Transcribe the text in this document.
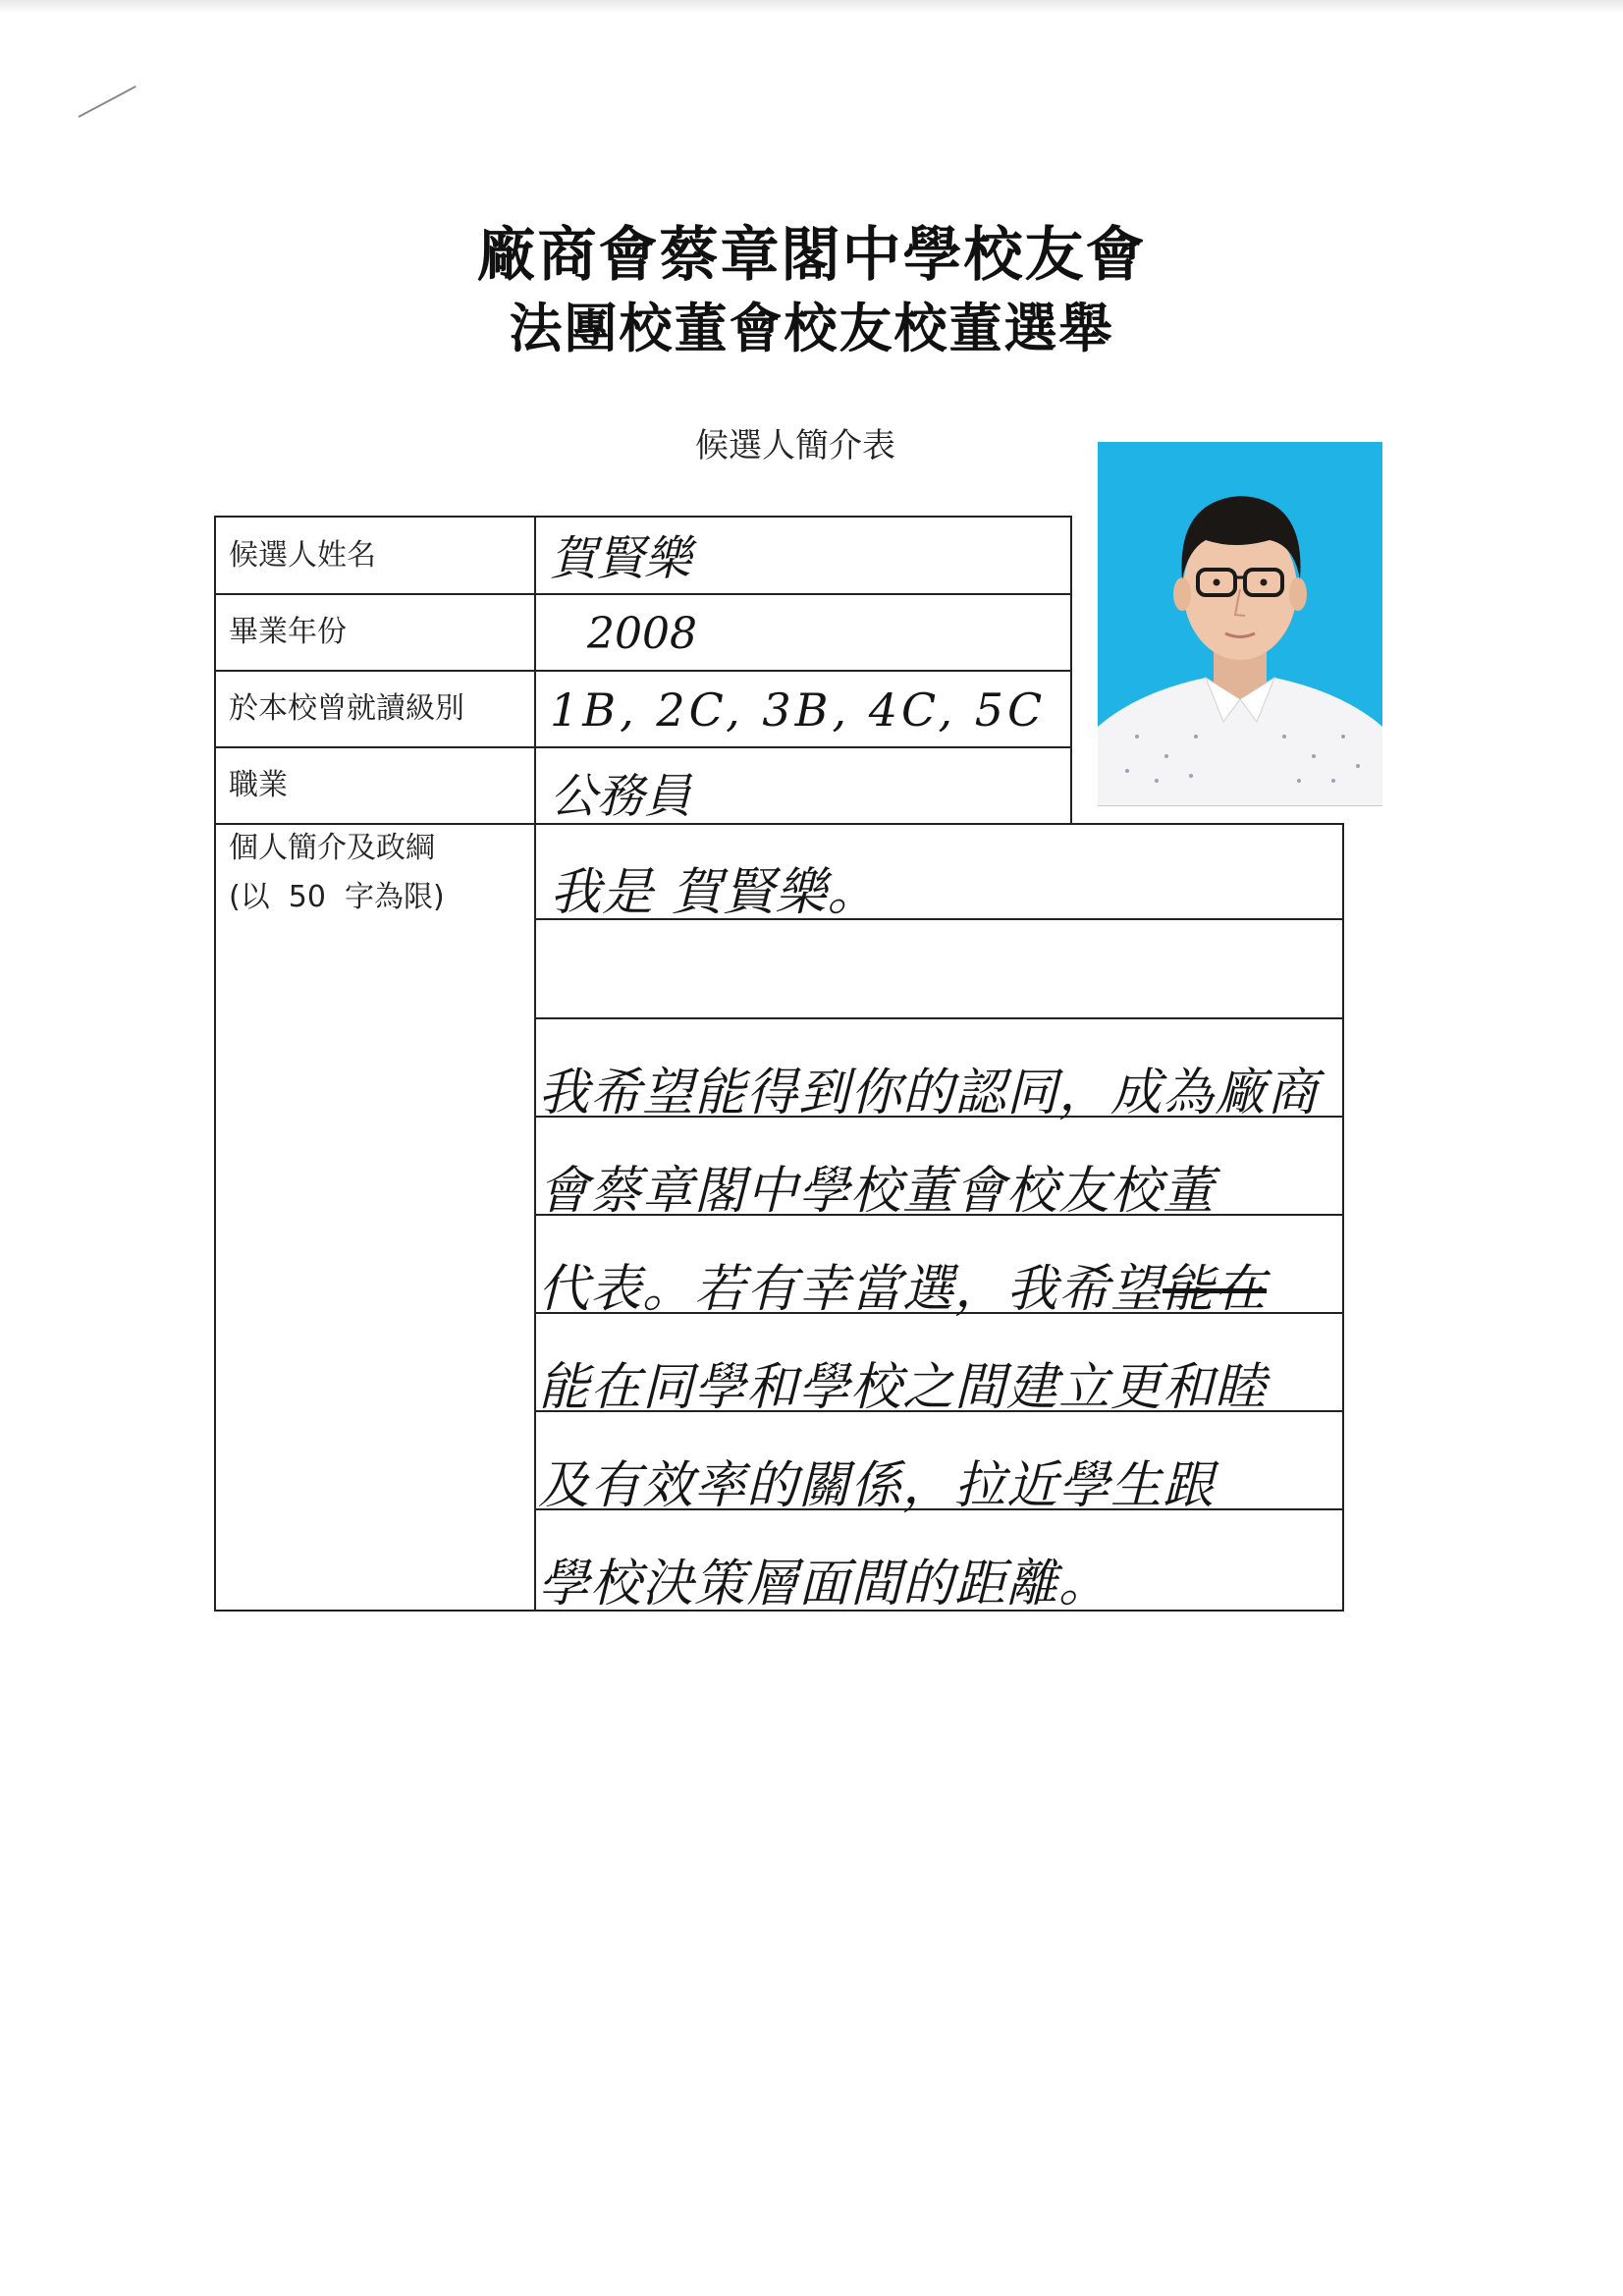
廠商會蔡章閣中學校友會
法團校董會校友校董選舉
候選人簡介表
候選人姓名
畢業年份
於本校曾就讀級別
職業
個人簡介及政綱
(以  50  字為限)
賀賢樂
2008
1B, 2C, 3B, 4C, 5C
公務員
我是 賀賢樂。
我希望能得到你的認同，成為廠商
會蔡章閣中學校董會校友校董
代表。若有幸當選，我希望能在
能在同學和學校之間建立更和睦
及有效率的關係，拉近學生跟
學校決策層面間的距離。
